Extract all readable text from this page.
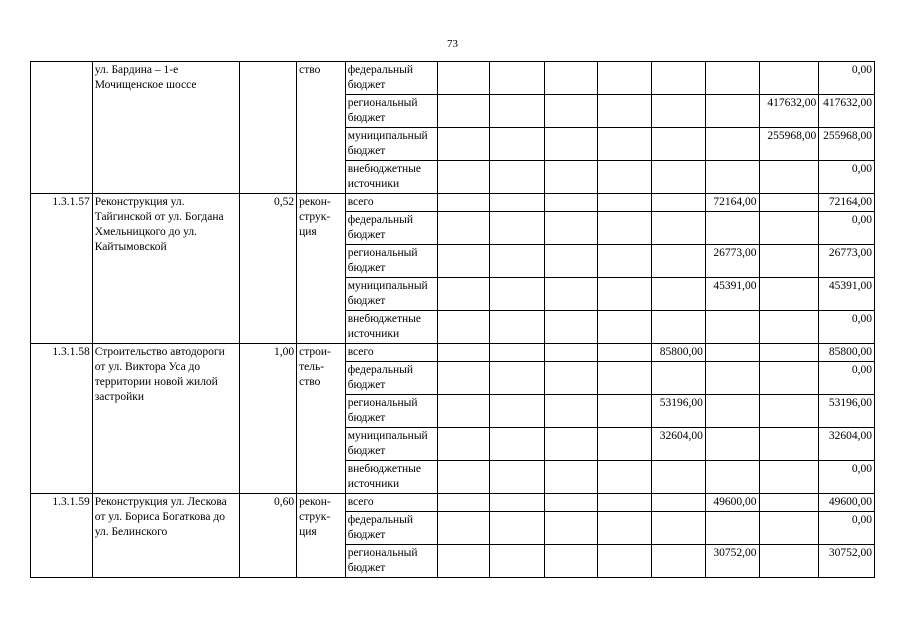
73
	ул. Бардина – 1-е Мочищенское шоссе		ство	федеральный бюджет								0,00
				региональный бюджет							417632,00	417632,00
				муниципальный бюджет							255968,00	255968,00
				внебюджетные источники								0,00
1.3.1.57	Реконструкция ул. Тайгинской от ул. Богдана Хмельницкого до ул. Кайтымовской	0,52	рекон-струк-ция	всего						72164,00		72164,00
				федеральный бюджет								0,00
				региональный бюджет						26773,00		26773,00
				муниципальный бюджет						45391,00		45391,00
				внебюджетные источники								0,00
1.3.1.58	Строительство автодороги от ул. Виктора Уса до территории новой жилой застройки	1,00	строи-тель-ство	всего					85800,00			85800,00
				федеральный бюджет								0,00
				региональный бюджет					53196,00			53196,00
				муниципальный бюджет					32604,00			32604,00
				внебюджетные источники								0,00
1.3.1.59	Реконструкция ул. Лескова от ул. Бориса Богаткова до ул. Белинского	0,60	рекон-струк-ция	всего						49600,00		49600,00
				федеральный бюджет								0,00
				региональный бюджет						30752,00		30752,00
